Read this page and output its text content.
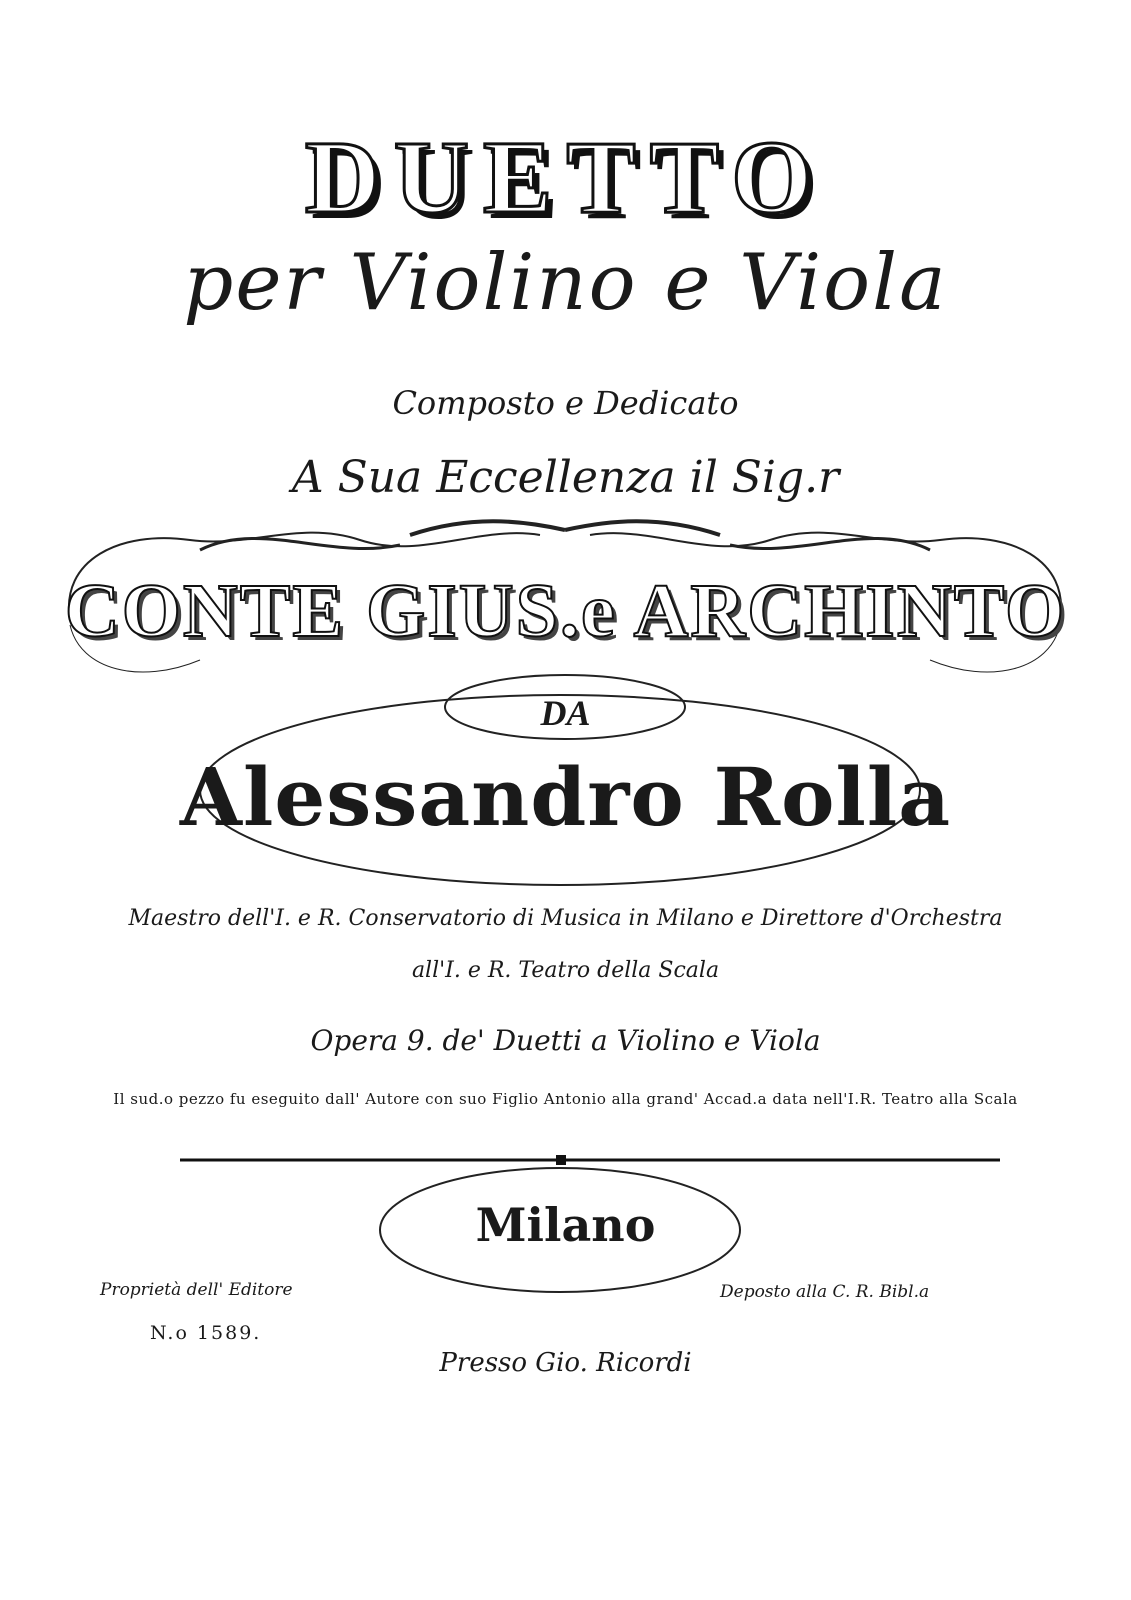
DUETTO
per Violino e Viola
Composto e Dedicato
A Sua Eccellenza il Sig.r
CONTE GIUS.e ARCHINTO
DA
Alessandro Rolla
Maestro dell'I. e R. Conservatorio di Musica in Milano e Direttore d'Orchestra
all'I. e R. Teatro della Scala
Opera 9. de' Duetti a Violino e Viola
Il sud.o pezzo fu eseguito dall' Autore con suo Figlio Antonio alla grand' Accad.a data nell'I.R. Teatro alla Scala
Milano
Proprietà dell' Editore
N.o 1589.
Deposto alla C. R. Bibl.a
Presso Gio. Ricordi
